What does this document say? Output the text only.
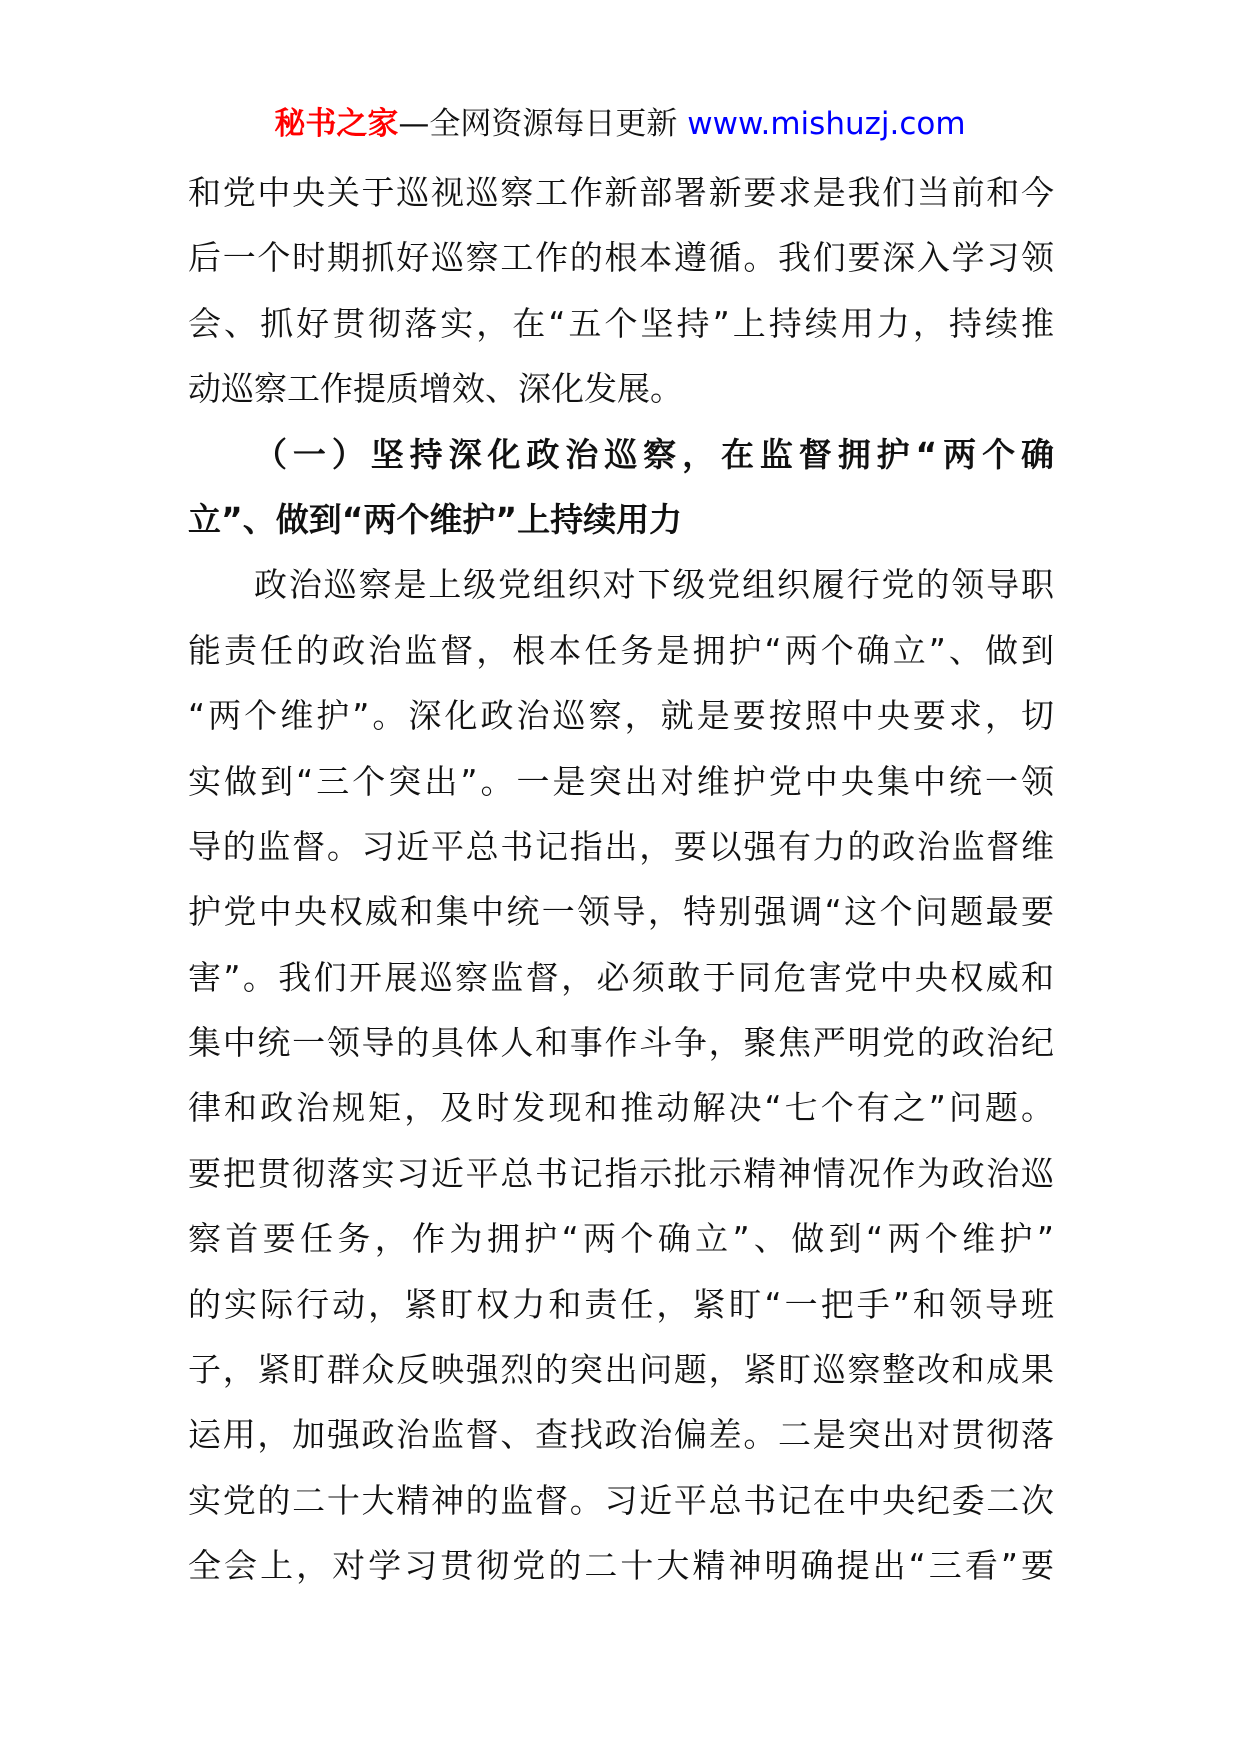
秘书之家—全网资源每日更新 www.mishuzj.com
和党中央关于巡视巡察工作新部署新要求是我们当前和今
后一个时期抓好巡察工作的根本遵循。我们要深入学习领
会、抓好贯彻落实，在“五个坚持”上持续用力，持续推
动巡察工作提质增效、深化发展。
（一）坚持深化政治巡察，在监督拥护“两个确
立”、做到“两个维护”上持续用力
政治巡察是上级党组织对下级党组织履行党的领导职
能责任的政治监督，根本任务是拥护“两个确立”、做到
“两个维护”。深化政治巡察，就是要按照中央要求，切
实做到“三个突出”。一是突出对维护党中央集中统一领
导的监督。习近平总书记指出，要以强有力的政治监督维
护党中央权威和集中统一领导，特别强调“这个问题最要
害”。我们开展巡察监督，必须敢于同危害党中央权威和
集中统一领导的具体人和事作斗争，聚焦严明党的政治纪
律和政治规矩，及时发现和推动解决“七个有之”问题。
要把贯彻落实习近平总书记指示批示精神情况作为政治巡
察首要任务，作为拥护“两个确立”、做到“两个维护”
的实际行动，紧盯权力和责任，紧盯“一把手”和领导班
子，紧盯群众反映强烈的突出问题，紧盯巡察整改和成果
运用，加强政治监督、查找政治偏差。二是突出对贯彻落
实党的二十大精神的监督。习近平总书记在中央纪委二次
全会上，对学习贯彻党的二十大精神明确提出“三看”要
